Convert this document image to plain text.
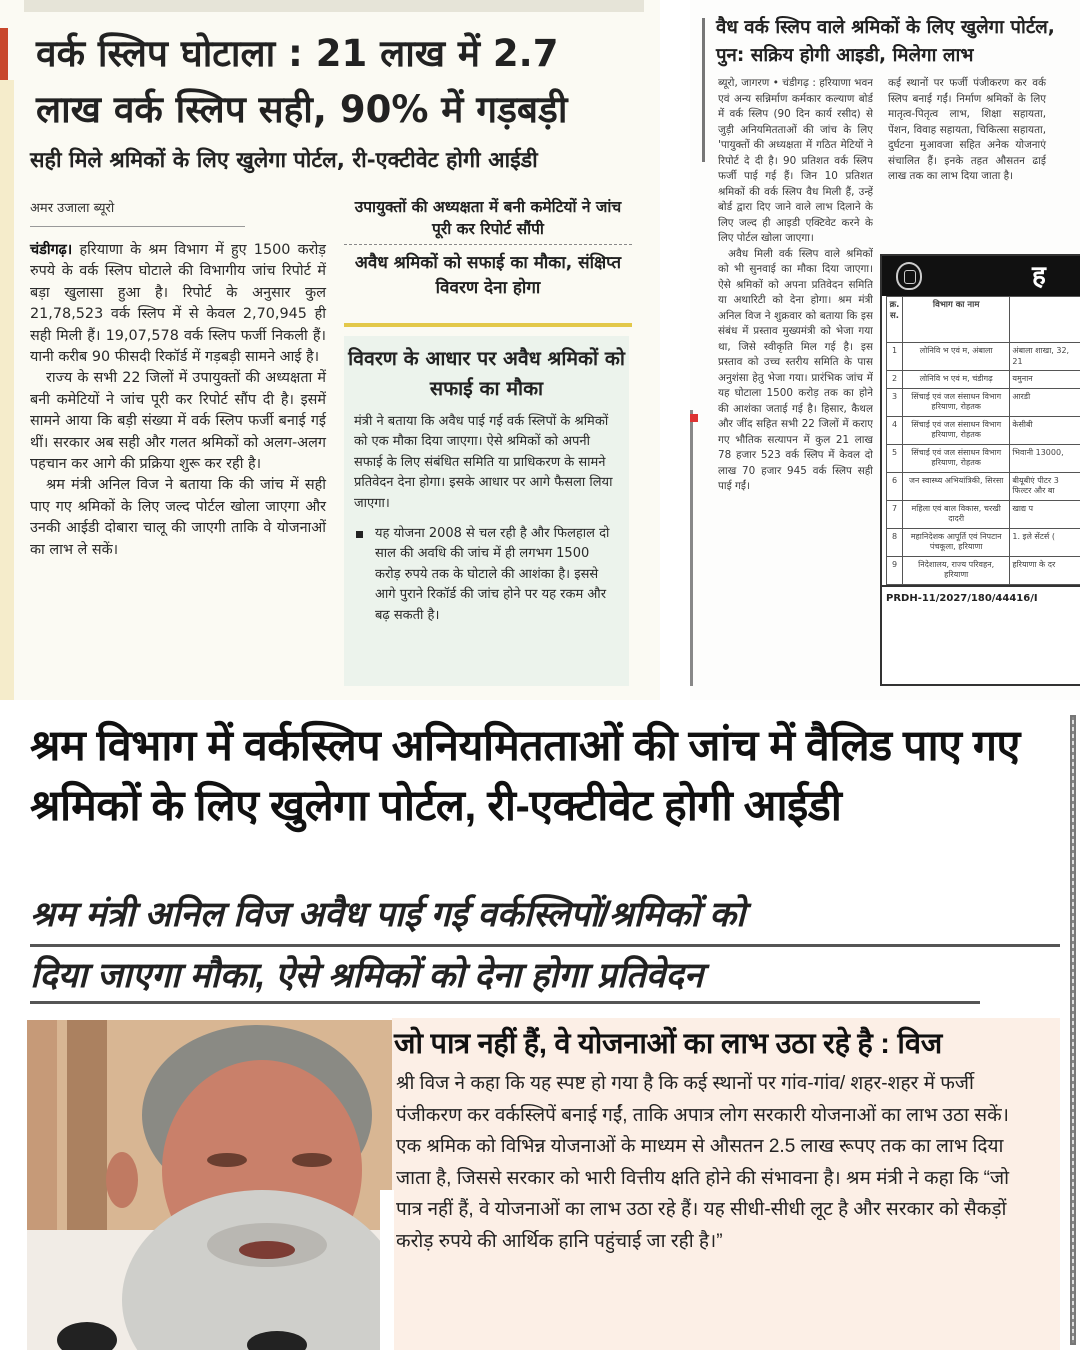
वर्क स्लिप घोटाला : 21 लाख में 2.7 लाख वर्क स्लिप सही, 90% में गड़बड़ी
सही मिले श्रमिकों के लिए खुलेगा पोर्टल, री-एक्टीवेट होगी आईडी
अमर उजाला ब्यूरो

चंडीगढ़। हरियाणा के श्रम विभाग में हुए 1500 करोड़ रुपये के वर्क स्लिप घोटाले की विभागीय जांच रिपोर्ट में बड़ा खुलासा हुआ है। रिपोर्ट के अनुसार कुल 21,78,523 वर्क स्लिप में से केवल 2,70,945 ही सही मिली हैं। 19,07,578 वर्क स्लिप फर्जी निकली हैं। यानी करीब 90 फीसदी रिकॉर्ड में गड़बड़ी सामने आई है।

राज्य के सभी 22 जिलों में उपायुक्तों की अध्यक्षता में बनी कमेटियों ने जांच पूरी कर रिपोर्ट सौंप दी है। इसमें सामने आया कि बड़ी संख्या में वर्क स्लिप फर्जी बनाई गई थीं। सरकार अब सही और गलत श्रमिकों को अलग-अलग पहचान कर आगे की प्रक्रिया शुरू कर रही है।

श्रम मंत्री अनिल विज ने बताया कि की जांच में सही पाए गए श्रमिकों के लिए जल्द पोर्टल खोला जाएगा और उनकी आईडी दोबारा चालू की जाएगी ताकि वे योजनाओं का लाभ ले सकें।

उपायुक्तों की अध्यक्षता में बनी कमेटियों ने जांच पूरी कर रिपोर्ट सौंपी
अवैध श्रमिकों को सफाई का मौका, संक्षिप्त विवरण देना होगा
विवरण के आधार पर अवैध श्रमिकों को सफाई का मौका
मंत्री ने बताया कि अवैध पाई गई वर्क स्लिपों के श्रमिकों को एक मौका दिया जाएगा। ऐसे श्रमिकों को अपनी सफाई के लिए संबंधित समिति या प्राधिकरण के सामने प्रतिवेदन देना होगा। इसके आधार पर आगे फैसला लिया जाएगा।
यह योजना 2008 से चल रही है और फिलहाल दो साल की अवधि की जांच में ही लगभग 1500 करोड़ रुपये तक के घोटाले की आशंका है। इससे आगे पुराने रिकॉर्ड की जांच होने पर यह रकम और बढ़ सकती है।
वैध वर्क स्लिप वाले श्रमिकों के लिए खुलेगा पोर्टल, पुन: सक्रिय होगी आइडी, मिलेगा लाभ

ब्यूरो, जागरण • चंडीगढ़ : हरियाणा भवन एवं अन्य सन्निर्माण कर्मकार कल्याण बोर्ड में वर्क स्लिप (90 दिन कार्य रसीद) से जुड़ी अनियमितताओं की जांच के लिए 'पायुक्तों की अध्यक्षता में गठित मेटियों ने रिपोर्ट दे दी है। 90 प्रतिशत वर्क स्लिप फर्जी पाई गई हैं। जिन 10 प्रतिशत श्रमिकों की वर्क स्लिप वैध मिली हैं, उन्हें बोर्ड द्वारा दिए जाने वाले लाभ दिलाने के लिए जल्द ही आइडी एक्टिवेट करने के लिए पोर्टल खोला जाएगा।

अवैध मिली वर्क स्लिप वाले श्रमिकों को भी सुनवाई का मौका दिया जाएगा। ऐसे श्रमिकों को अपना प्रतिवेदन समिति या अथारिटी को देना होगा। श्रम मंत्री अनिल विज ने शुक्रवार को बताया कि इस संबंध में प्रस्ताव मुख्यमंत्री को भेजा गया था, जिसे स्वीकृति मिल गई है। इस प्रस्ताव को उच्च स्तरीय समिति के पास अनुशंसा हेतु भेजा गया। प्रारंभिक जांच में यह घोटाला 1500 करोड़ तक का होने की आशंका जताई गई है। हिसार, कैथल और जींद सहित सभी 22 जिलों में कराए गए भौतिक सत्यापन में कुल 21 लाख 78 हजार 523 वर्क स्लिप में केवल दो लाख 70 हजार 945 वर्क स्लिप सही पाई गईं।
कई स्थानों पर फर्जी पंजीकरण कर वर्क स्लिप बनाई गईं। निर्माण श्रमिकों के लिए मातृत्व-पितृत्व लाभ, शिक्षा सहायता, पेंशन, विवाह सहायता, चिकित्सा सहायता, दुर्घटना मुआवजा सहित अनेक योजनाएं संचालित हैं। इनके तहत औसतन ढाई लाख तक का लाभ दिया जाता है।
ह
क्र. स.	विभाग का नाम	
1	लोनिवि भ एवं म, अंबाला	अंबाला शाखा, 32, 21
2	लोनिवि भ एवं म, चंडीगढ़	यमुनान
3	सिंचाई एवं जल संसाधन विभाग हरियाणा, रोहतक	आरडी
4	सिंचाई एवं जल संसाधन विभाग हरियाणा, रोहतक	केसीबी
5	सिंचाई एवं जल संसाधन विभाग हरियाणा, रोहतक	भिवानी 13000,
6	जन स्वास्थ्य अभियांत्रिकी, सिरसा	बीयूबीएं पीटर 3 फिल्टर और बा
7	महिला एवं बाल विकास, चरखी दादरी	खाद्य प
8	महानिदेशक आपूर्ति एवं निपटान पंचकूला, हरियाणा	1. इले सेंटर्स (
9	निदेशालय, राज्य परिवहन, हरियाणा	हरियाणा के दर
PRDH-11/2027/180/44416/I
श्रम विभाग में वर्कस्लिप अनियमितताओं की जांच में वैलिड पाए गए श्रमिकों के लिए खुलेगा पोर्टल, री-एक्टीवेट होगी आईडी
श्रम मंत्री अनिल विज अवैध पाई गई वर्कस्लिपों/श्रमिकों को
दिया जाएगा मौका, ऐसे श्रमिकों को देना होगा प्रतिवेदन
जो पात्र नहीं हैं, वे योजनाओं का लाभ उठा रहे है : विज

श्री विज ने कहा कि यह स्पष्ट हो गया है कि कई स्थानों पर गांव-गांव/ शहर-शहर में फर्जी पंजीकरण कर वर्कस्लिपें बनाई गईं, ताकि अपात्र लोग सरकारी योजनाओं का लाभ उठा सकें। एक श्रमिक को विभिन्न योजनाओं के माध्यम से औसतन 2.5 लाख रूपए तक का लाभ दिया जाता है, जिससे सरकार को भारी वित्तीय क्षति होने की संभावना है। श्रम मंत्री ने कहा कि “जो पात्र नहीं हैं, वे योजनाओं का लाभ उठा रहे हैं। यह सीधी-सीधी लूट है और सरकार को सैकड़ों करोड़ रुपये की आर्थिक हानि पहुंचाई जा रही है।”
